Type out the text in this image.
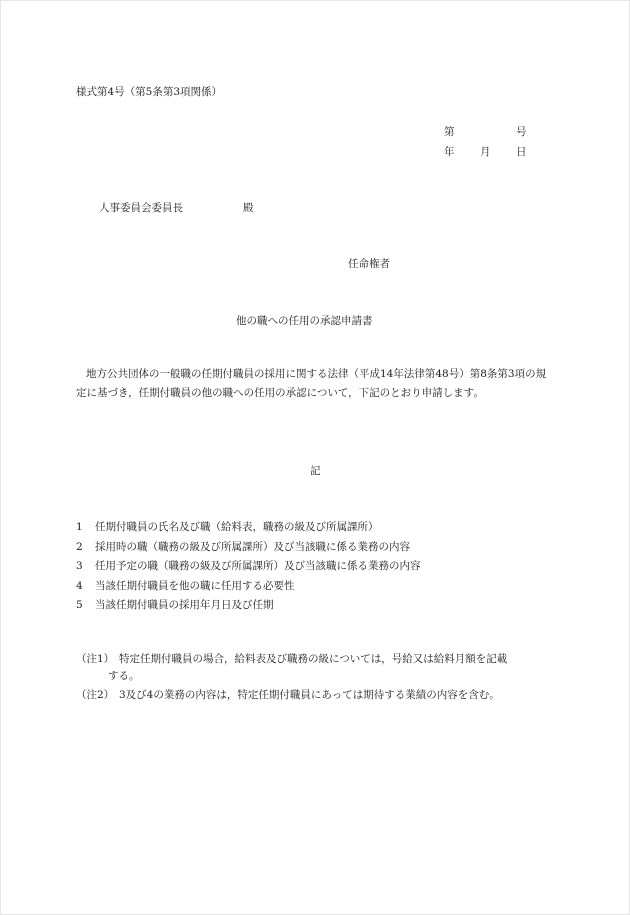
様式第4号（第5条第3項関係）
第	号
年 月 日
人事委員会委員長	殿
任命権者
他の職への任用の承認申請書
地方公共団体の一般職の任期付職員の採用に関する法律（平成14年法律第48号）第8条第3項の規定に基づき，任期付職員の他の職への任用の承認について，下記のとおり申請します。
記
1 任期付職員の氏名及び職（給料表，職務の級及び所属課所）
2 採用時の職（職務の級及び所属課所）及び当該職に係る業務の内容
3 任用予定の職（職務の級及び所属課所）及び当該職に係る業務の内容
4 当該任期付職員を他の職に任用する必要性
5 当該任期付職員の採用年月日及び任期
（注1） 特定任期付職員の場合，給料表及び職務の級については，号給又は給料月額を記載
する。
（注2） 3及び4の業務の内容は，特定任期付職員にあっては期待する業績の内容を含む。
